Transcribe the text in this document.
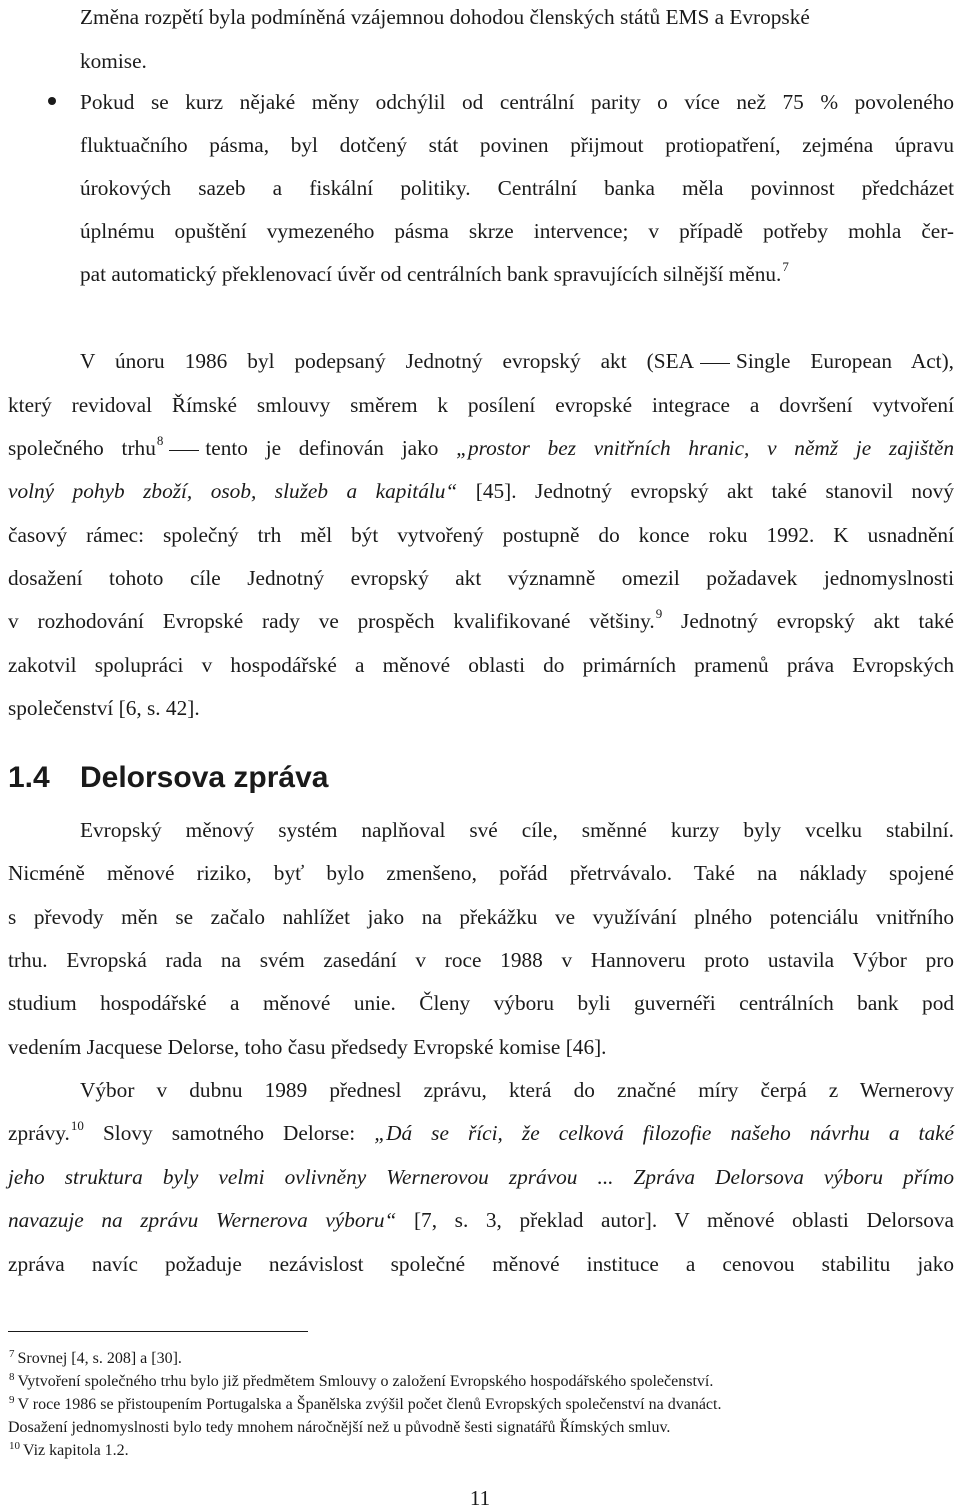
Změna rozpětí byla podmíněná vzájemnou dohodou členských států EMS a Evropské
komise.
Pokud se kurz nějaké měny odchýlil od centrální parity o více než 75 % povoleného
fluktuačního pásma, byl dotčený stát povinen přijmout protiopatření, zejména úpravu
úrokových sazeb a fiskální politiky. Centrální banka měla povinnost předcházet
úplnému opuštění vymezeného pásma skrze intervence; v případě potřeby mohla čer-
pat automatický překlenovací úvěr od centrálních bank spravujících silnější měnu.$^7$
V únoru 1986 byl podepsaný Jednotný evropský akt (SEA Single European Act),
který revidoval Římské smlouvy směrem k posílení evropské integrace a dovršení vytvoření
společného trhu$^8$ tento je definován jako „prostor bez vnitřních hranic, v němž je zajištěn
volný pohyb zboží, osob, služeb a kapitálu“ [45]. Jednotný evropský akt také stanovil nový
časový rámec: společný trh měl být vytvořený postupně do konce roku 1992. K usnadnění
dosažení tohoto cíle Jednotný evropský akt významně omezil požadavek jednomyslnosti
v rozhodování Evropské rady ve prospěch kvalifikované většiny.$^9$ Jednotný evropský akt také
zakotvil spolupráci v hospodářské a měnové oblasti do primárních pramenů práva Evropských
společenství [6, s. 42].
1.4 Delorsova zpráva
Evropský měnový systém naplňoval své cíle, směnné kurzy byly vcelku stabilní.
Nicméně měnové riziko, byť bylo zmenšeno, pořád přetrvávalo. Také na náklady spojené
s převody měn se začalo nahlížet jako na překážku ve využívání plného potenciálu vnitřního
trhu. Evropská rada na svém zasedání v roce 1988 v Hannoveru proto ustavila Výbor pro
studium hospodářské a měnové unie. Členy výboru byli guvernéři centrálních bank pod
vedením Jacquese Delorse, toho času předsedy Evropské komise [46].
Výbor v dubnu 1989 přednesl zprávu, která do značné míry čerpá z Wernerovy
zprávy.$^{10}$ Slovy samotného Delorse: „Dá se říci, že celková filozofie našeho návrhu a také
jeho struktura byly velmi ovlivněny Wernerovou zprávou ... Zpráva Delorsova výboru přímo
navazuje na zprávu Wernerova výboru“ [7, s. 3, překlad autor]. V měnové oblasti Delorsova
zpráva navíc požaduje nezávislost společné měnové instituce a cenovou stabilitu jako
$^7$ Srovnej [4, s. 208] a [30].
$^8$ Vytvoření společného trhu bylo již předmětem Smlouvy o založení Evropského hospodářského společenství.
$^9$ V roce 1986 se přistoupením Portugalska a Španělska zvýšil počet členů Evropských společenství na dvanáct.
Dosažení jednomyslnosti bylo tedy mnohem náročnější než u původně šesti signatářů Římských smluv.
$^{10}$ Viz kapitola 1.2.
11
